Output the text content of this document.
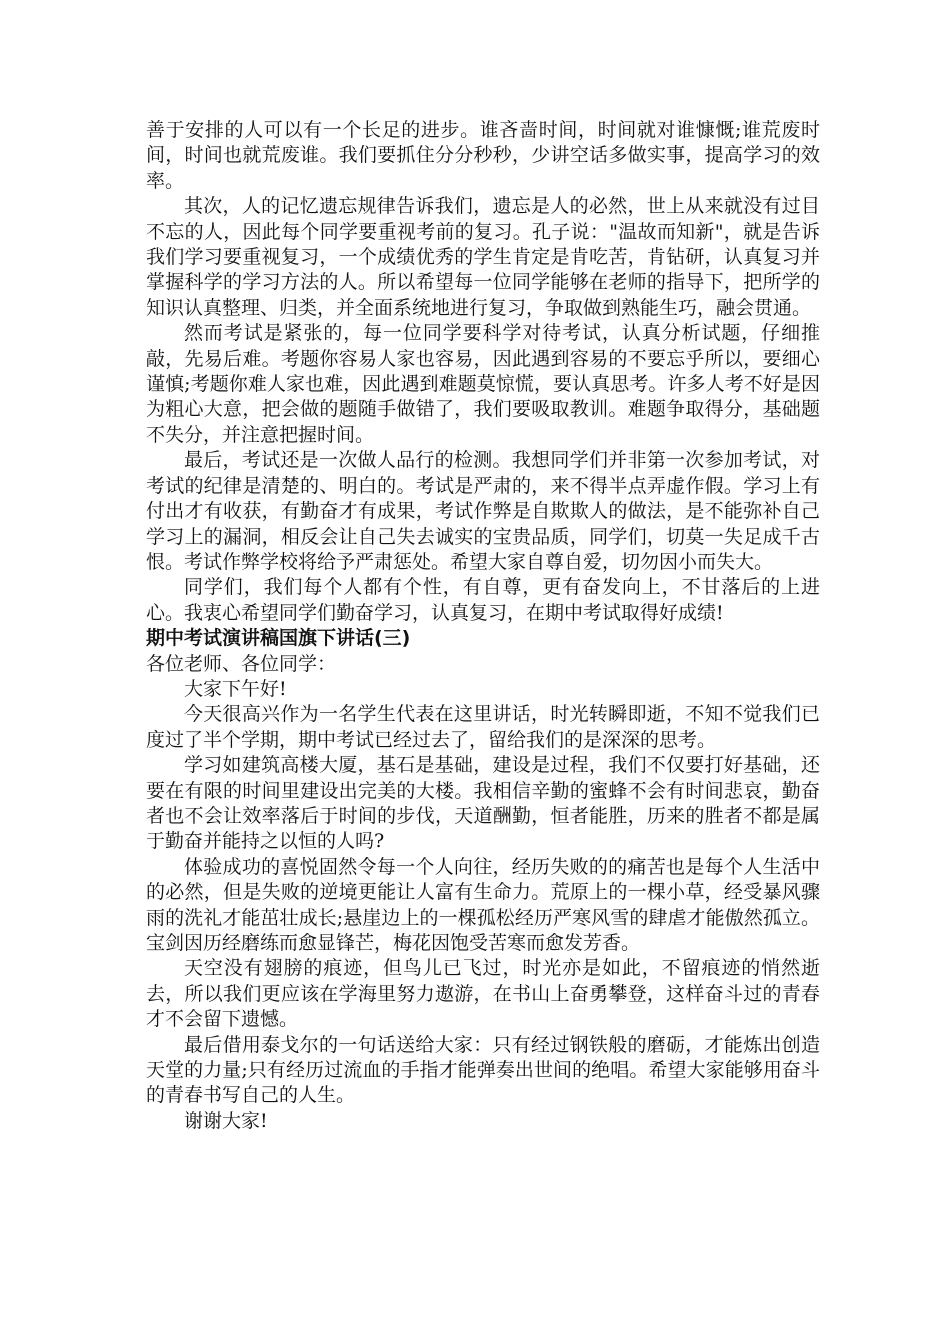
善于安排的人可以有一个长足的进步。谁吝啬时间，时间就对谁慷慨;谁荒废时间，时间也就荒废谁。我们要抓住分分秒秒，少讲空话多做实事，提高学习的效率。

其次，人的记忆遗忘规律告诉我们，遗忘是人的必然，世上从来就没有过目不忘的人，因此每个同学要重视考前的复习。孔子说："温故而知新"，就是告诉我们学习要重视复习，一个成绩优秀的学生肯定是肯吃苦，肯钻研，认真复习并掌握科学的学习方法的人。所以希望每一位同学能够在老师的指导下，把所学的知识认真整理、归类，并全面系统地进行复习，争取做到熟能生巧，融会贯通。

然而考试是紧张的，每一位同学要科学对待考试，认真分析试题，仔细推敲，先易后难。考题你容易人家也容易，因此遇到容易的不要忘乎所以，要细心谨慎;考题你难人家也难，因此遇到难题莫惊慌，要认真思考。许多人考不好是因为粗心大意，把会做的题随手做错了，我们要吸取教训。难题争取得分，基础题不失分，并注意把握时间。

最后，考试还是一次做人品行的检测。我想同学们并非第一次参加考试，对考试的纪律是清楚的、明白的。考试是严肃的，来不得半点弄虚作假。学习上有付出才有收获，有勤奋才有成果，考试作弊是自欺欺人的做法，是不能弥补自己学习上的漏洞，相反会让自己失去诚实的宝贵品质，同学们，切莫一失足成千古恨。考试作弊学校将给予严肃惩处。希望大家自尊自爱，切勿因小而失大。

同学们，我们每个人都有个性，有自尊，更有奋发向上，不甘落后的上进心。我衷心希望同学们勤奋学习，认真复习，在期中考试取得好成绩!

期中考试演讲稿国旗下讲话(三)

各位老师、各位同学：

大家下午好!

今天很高兴作为一名学生代表在这里讲话，时光转瞬即逝，不知不觉我们已度过了半个学期，期中考试已经过去了，留给我们的是深深的思考。

学习如建筑高楼大厦，基石是基础，建设是过程，我们不仅要打好基础，还要在有限的时间里建设出完美的大楼。我相信辛勤的蜜蜂不会有时间悲哀，勤奋者也不会让效率落后于时间的步伐，天道酬勤，恒者能胜，历来的胜者不都是属于勤奋并能持之以恒的人吗?

体验成功的喜悦固然令每一个人向往，经历失败的的痛苦也是每个人生活中的必然，但是失败的逆境更能让人富有生命力。荒原上的一棵小草，经受暴风骤雨的洗礼才能茁壮成长;悬崖边上的一棵孤松经历严寒风雪的肆虐才能傲然孤立。宝剑因历经磨练而愈显锋芒，梅花因饱受苦寒而愈发芳香。

天空没有翅膀的痕迹，但鸟儿已飞过，时光亦是如此，不留痕迹的悄然逝去，所以我们更应该在学海里努力遨游，在书山上奋勇攀登，这样奋斗过的青春才不会留下遗憾。

最后借用泰戈尔的一句话送给大家：只有经过钢铁般的磨砺，才能炼出创造天堂的力量;只有经历过流血的手指才能弹奏出世间的绝唱。希望大家能够用奋斗的青春书写自己的人生。

谢谢大家!
